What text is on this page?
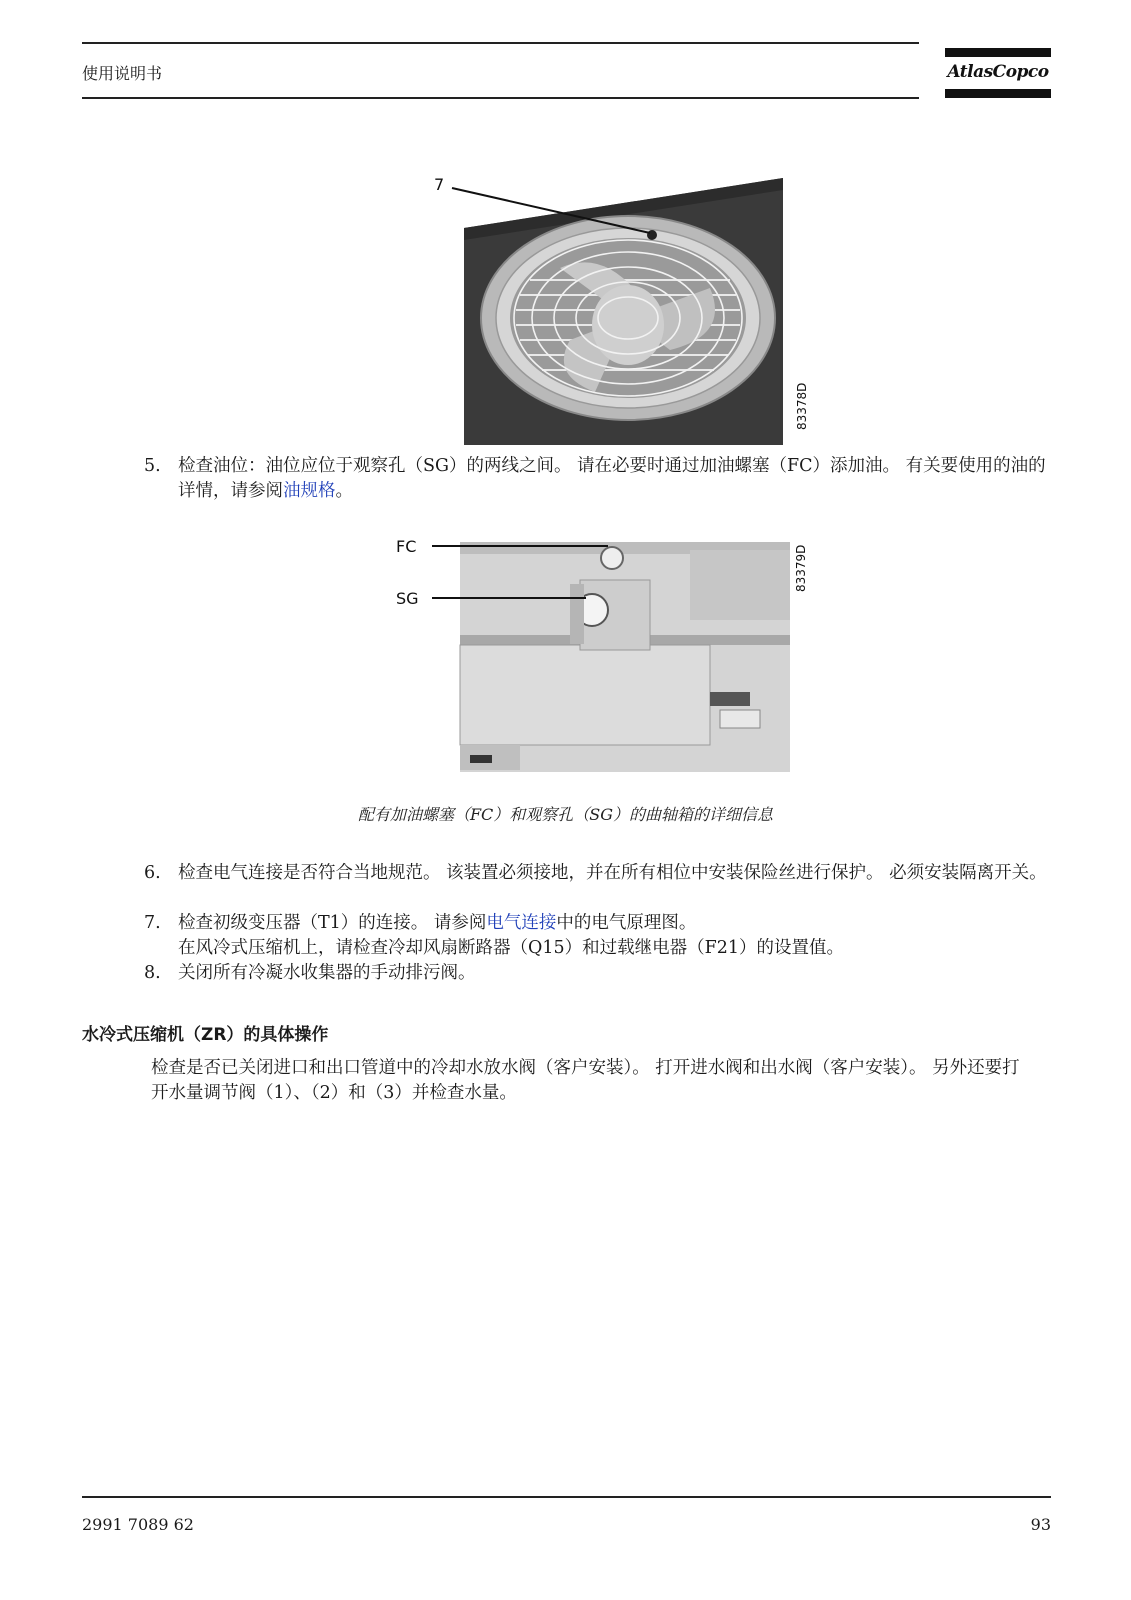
使用说明书	AtlasCopco
7
83378D
5. 检查油位：油位应位于观察孔（SG）的两线之间。 请在必要时通过加油螺塞（FC）添加油。 有关要使用的油的详情，请参阅油规格。
FC
SG
83379D
配有加油螺塞（FC）和观察孔（SG）的曲轴箱的详细信息
6. 检查电气连接是否符合当地规范。 该装置必须接地，并在所有相位中安装保险丝进行保护。 必须安装隔离开关。
7. 检查初级变压器（T1）的连接。 请参阅电气连接中的电气原理图。
在风冷式压缩机上，请检查冷却风扇断路器（Q15）和过载继电器（F21）的设置值。
8. 关闭所有冷凝水收集器的手动排污阀。
水冷式压缩机（ZR）的具体操作
检查是否已关闭进口和出口管道中的冷却水放水阀（客户安装）。 打开进水阀和出水阀（客户安装）。 另外还要打开水量调节阀（1）、（2）和（3）并检查水量。
2991 7089 62	93
